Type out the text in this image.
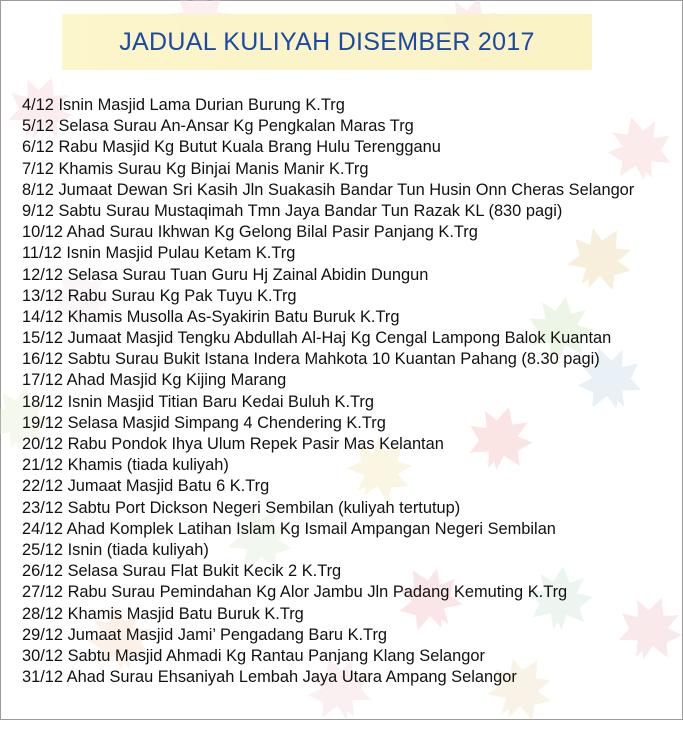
JADUAL KULIYAH DISEMBER 2017
4/12 Isnin Masjid Lama Durian Burung K.Trg
5/12 Selasa Surau An-Ansar Kg Pengkalan Maras Trg
6/12 Rabu Masjid Kg Butut Kuala Brang Hulu Terengganu
7/12 Khamis Surau Kg Binjai Manis Manir K.Trg
8/12 Jumaat Dewan Sri Kasih Jln Suakasih Bandar Tun Husin Onn Cheras Selangor
9/12 Sabtu Surau Mustaqimah Tmn Jaya Bandar Tun Razak KL (830 pagi)
10/12 Ahad Surau Ikhwan Kg Gelong Bilal Pasir Panjang K.Trg
11/12 Isnin Masjid Pulau Ketam K.Trg
12/12 Selasa Surau Tuan Guru Hj Zainal Abidin Dungun
13/12 Rabu Surau Kg Pak Tuyu K.Trg
14/12 Khamis Musolla As-Syakirin Batu Buruk K.Trg
15/12 Jumaat Masjid Tengku Abdullah Al-Haj Kg Cengal Lampong Balok Kuantan
16/12 Sabtu Surau Bukit Istana Indera Mahkota 10 Kuantan Pahang (8.30 pagi)
17/12 Ahad Masjid Kg Kijing Marang
18/12 Isnin Masjid Titian Baru Kedai Buluh K.Trg
19/12 Selasa Masjid Simpang 4 Chendering K.Trg
20/12 Rabu Pondok Ihya Ulum Repek Pasir Mas Kelantan
21/12 Khamis (tiada kuliyah)
22/12 Jumaat Masjid Batu 6 K.Trg
23/12 Sabtu Port Dickson Negeri Sembilan (kuliyah tertutup)
24/12 Ahad Komplek Latihan Islam Kg Ismail Ampangan Negeri Sembilan
25/12 Isnin (tiada kuliyah)
26/12 Selasa Surau Flat Bukit Kecik 2 K.Trg
27/12 Rabu Surau Pemindahan Kg Alor Jambu Jln Padang Kemuting K.Trg
28/12 Khamis Masjid Batu Buruk K.Trg
29/12 Jumaat Masjid Jami’ Pengadang Baru K.Trg
30/12 Sabtu Masjid Ahmadi Kg Rantau Panjang Klang Selangor
31/12 Ahad Surau Ehsaniyah Lembah Jaya Utara Ampang Selangor
